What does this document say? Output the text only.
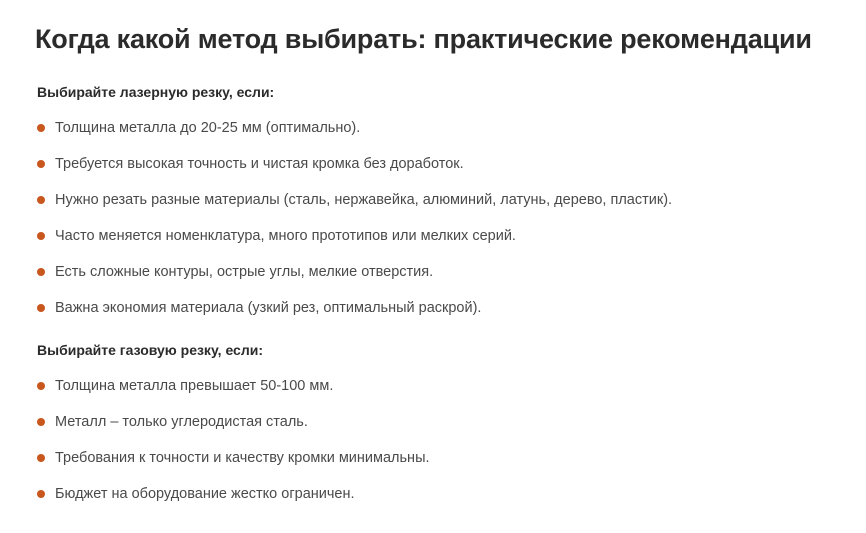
Когда какой метод выбирать: практические рекомендации

Выбирайте лазерную резку, если:

Толщина металла до 20-25 мм (оптимально).
Требуется высокая точность и чистая кромка без доработок.
Нужно резать разные материалы (сталь, нержавейка, алюминий, латунь, дерево, пластик).
Часто меняется номенклатура, много прототипов или мелких серий.
Есть сложные контуры, острые углы, мелкие отверстия.
Важна экономия материала (узкий рез, оптимальный раскрой).

Выбирайте газовую резку, если:

Толщина металла превышает 50-100 мм.
Металл – только углеродистая сталь.
Требования к точности и качеству кромки минимальны.
Бюджет на оборудование жестко ограничен.
